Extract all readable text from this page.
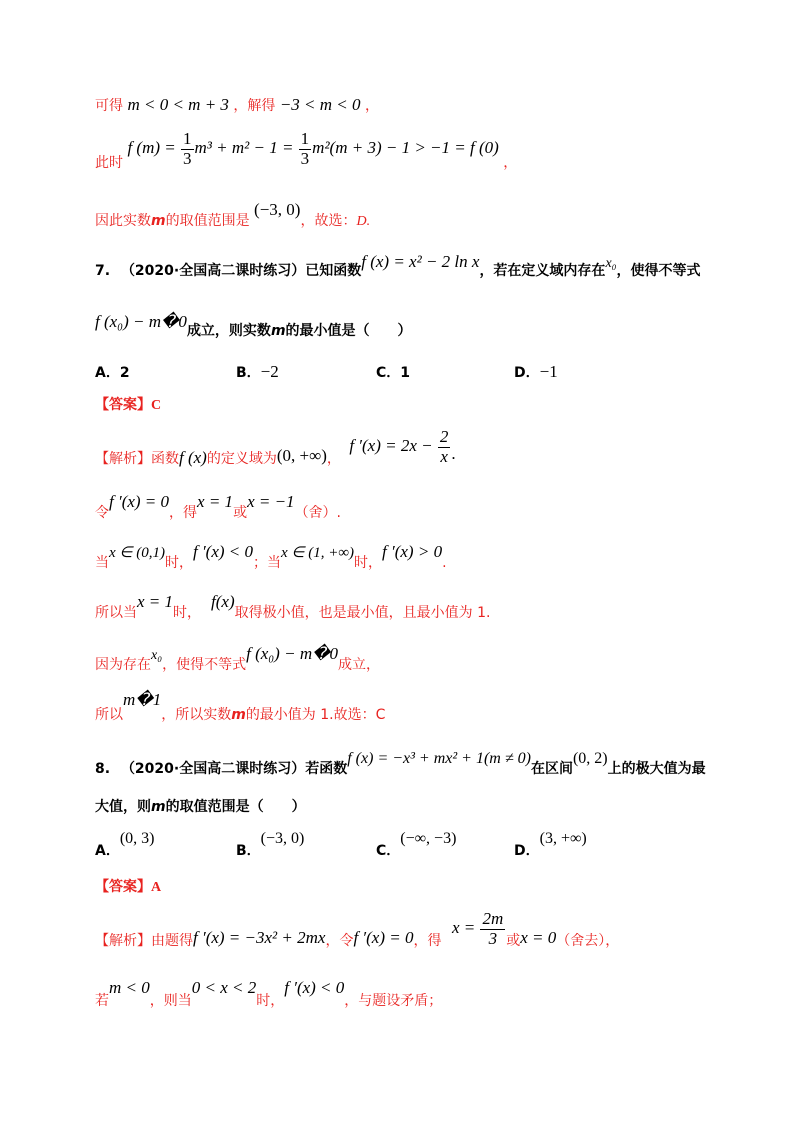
可得 m < 0 < m + 3 ，解得 −3 < m < 0 ，
此时 f $(m) = \frac{1}{3} m^3 + m^2 - 1 = \frac{1}{3} m^2(m + 3) - 1 > -1 = f$ (0) ，
因此实数m的取值范围是 (−3, 0)，故选：D.
7. （2020·全国高二课时练习）已知函数f (x) = x² − 2 ln x，若在定义域内存在x₀，使得不等式
f (x₀) − m�0成立，则实数m的最小值是（　　）
A．2	B．−2	C．1	D．−1
【答案】C
【解析】函数f (x)的定义域为(0, +∞)， f $'(x) = 2x - \frac{2}{x}$ .
令f ′(x) = 0，得x = 1或x = −1（舍）.
当x ∈ (0,1)时，f ′(x) < 0；当x ∈ (1, +∞)时，f ′(x) > 0.
所以当x = 1时，f(x)取得极小值，也是最小值，且最小值为 1.
因为存在x₀，使得不等式f (x₀) − m�0成立，
所以m�1，所以实数m的最小值为 1.故选：C
8. （2020·全国高二课时练习）若函数f (x) = −x³ + mx² + 1(m ≠ 0)在区间(0, 2)上的极大值为最
大值，则m的取值范围是（　　）
A．(0, 3)
B．(−3, 0)
C．(−∞, −3)
D．(3, +∞)
【答案】A
【解析】由题得f ′(x) = −3x² + 2mx，令f ′(x) = 0，得 $x = \frac{2m}{3}$ 或x = 0（舍去），
若m < 0，则当0 < x < 2时，f ′(x) < 0，与题设矛盾；
